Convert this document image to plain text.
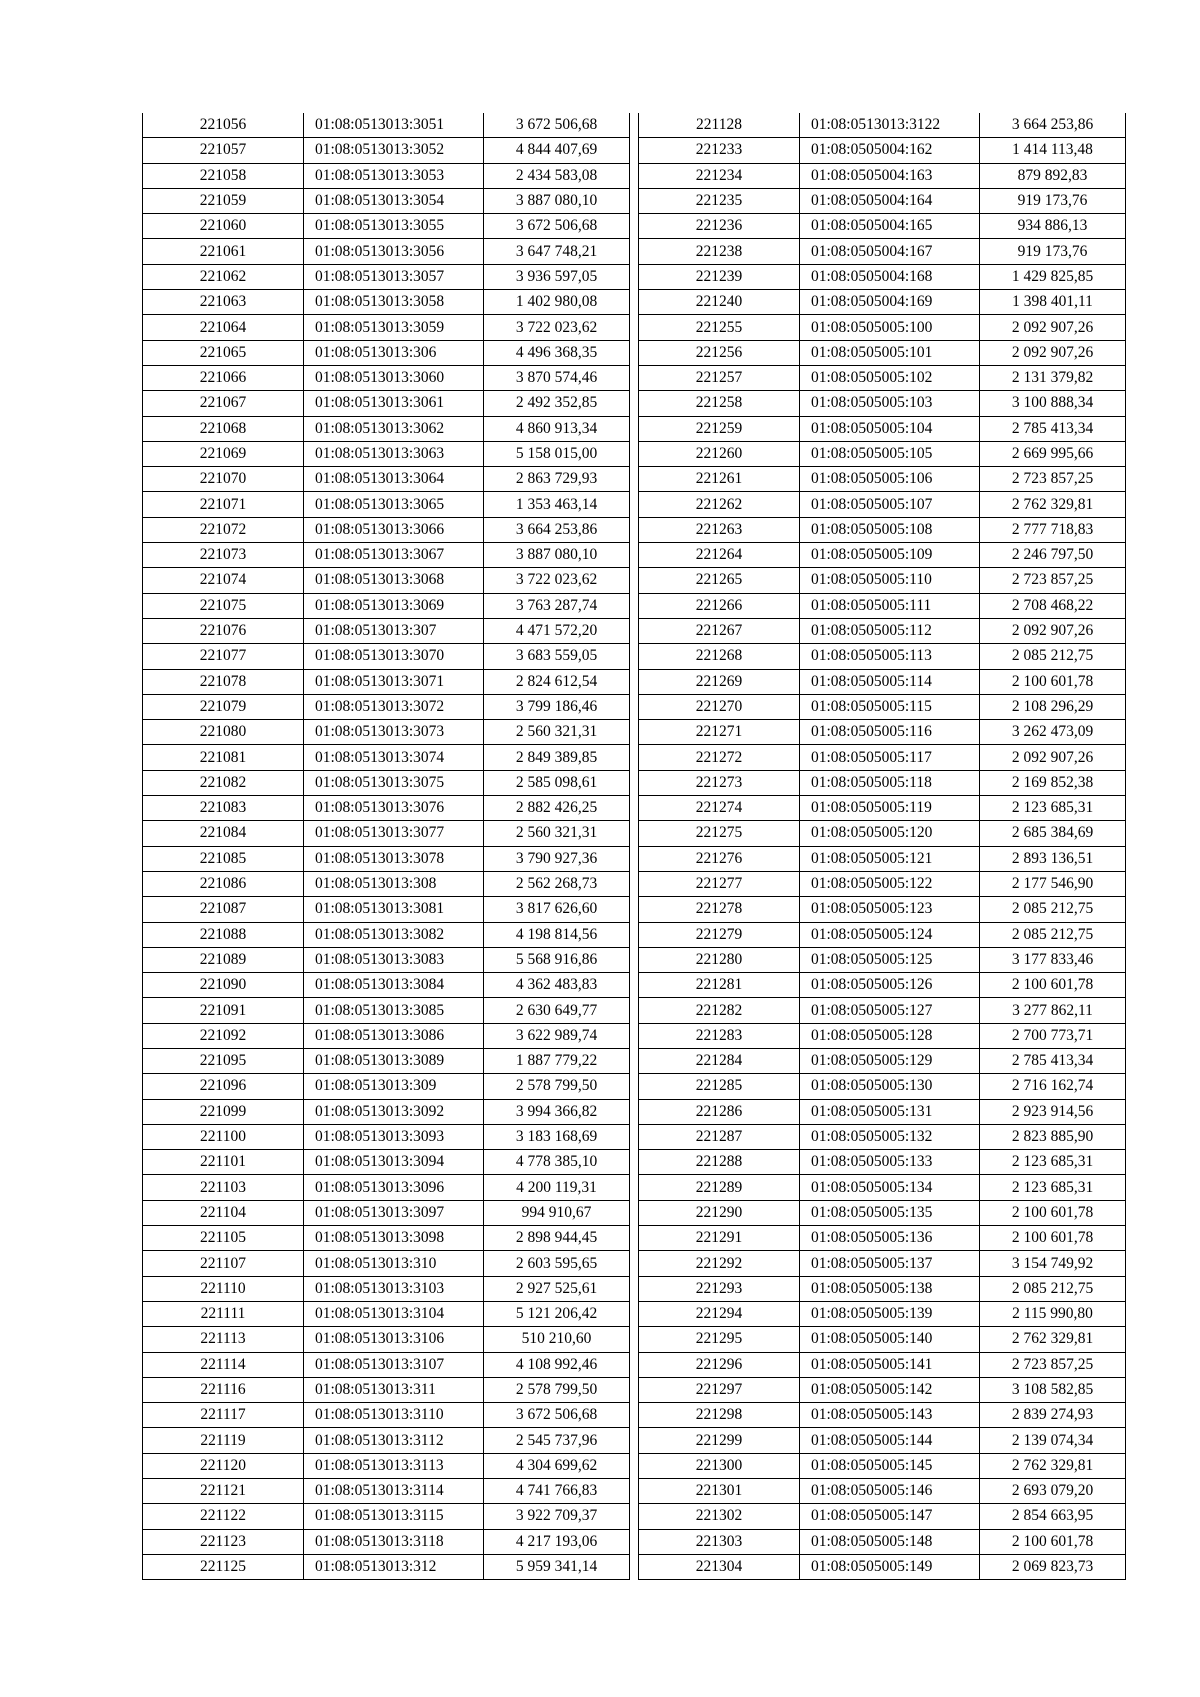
221056	01:08:0513013:3051	3 672 506,68
221057	01:08:0513013:3052	4 844 407,69
221058	01:08:0513013:3053	2 434 583,08
221059	01:08:0513013:3054	3 887 080,10
221060	01:08:0513013:3055	3 672 506,68
221061	01:08:0513013:3056	3 647 748,21
221062	01:08:0513013:3057	3 936 597,05
221063	01:08:0513013:3058	1 402 980,08
221064	01:08:0513013:3059	3 722 023,62
221065	01:08:0513013:306	4 496 368,35
221066	01:08:0513013:3060	3 870 574,46
221067	01:08:0513013:3061	2 492 352,85
221068	01:08:0513013:3062	4 860 913,34
221069	01:08:0513013:3063	5 158 015,00
221070	01:08:0513013:3064	2 863 729,93
221071	01:08:0513013:3065	1 353 463,14
221072	01:08:0513013:3066	3 664 253,86
221073	01:08:0513013:3067	3 887 080,10
221074	01:08:0513013:3068	3 722 023,62
221075	01:08:0513013:3069	3 763 287,74
221076	01:08:0513013:307	4 471 572,20
221077	01:08:0513013:3070	3 683 559,05
221078	01:08:0513013:3071	2 824 612,54
221079	01:08:0513013:3072	3 799 186,46
221080	01:08:0513013:3073	2 560 321,31
221081	01:08:0513013:3074	2 849 389,85
221082	01:08:0513013:3075	2 585 098,61
221083	01:08:0513013:3076	2 882 426,25
221084	01:08:0513013:3077	2 560 321,31
221085	01:08:0513013:3078	3 790 927,36
221086	01:08:0513013:308	2 562 268,73
221087	01:08:0513013:3081	3 817 626,60
221088	01:08:0513013:3082	4 198 814,56
221089	01:08:0513013:3083	5 568 916,86
221090	01:08:0513013:3084	4 362 483,83
221091	01:08:0513013:3085	2 630 649,77
221092	01:08:0513013:3086	3 622 989,74
221095	01:08:0513013:3089	1 887 779,22
221096	01:08:0513013:309	2 578 799,50
221099	01:08:0513013:3092	3 994 366,82
221100	01:08:0513013:3093	3 183 168,69
221101	01:08:0513013:3094	4 778 385,10
221103	01:08:0513013:3096	4 200 119,31
221104	01:08:0513013:3097	994 910,67
221105	01:08:0513013:3098	2 898 944,45
221107	01:08:0513013:310	2 603 595,65
221110	01:08:0513013:3103	2 927 525,61
221111	01:08:0513013:3104	5 121 206,42
221113	01:08:0513013:3106	510 210,60
221114	01:08:0513013:3107	4 108 992,46
221116	01:08:0513013:311	2 578 799,50
221117	01:08:0513013:3110	3 672 506,68
221119	01:08:0513013:3112	2 545 737,96
221120	01:08:0513013:3113	4 304 699,62
221121	01:08:0513013:3114	4 741 766,83
221122	01:08:0513013:3115	3 922 709,37
221123	01:08:0513013:3118	4 217 193,06
221125	01:08:0513013:312	5 959 341,14
221128	01:08:0513013:3122	3 664 253,86
221233	01:08:0505004:162	1 414 113,48
221234	01:08:0505004:163	879 892,83
221235	01:08:0505004:164	919 173,76
221236	01:08:0505004:165	934 886,13
221238	01:08:0505004:167	919 173,76
221239	01:08:0505004:168	1 429 825,85
221240	01:08:0505004:169	1 398 401,11
221255	01:08:0505005:100	2 092 907,26
221256	01:08:0505005:101	2 092 907,26
221257	01:08:0505005:102	2 131 379,82
221258	01:08:0505005:103	3 100 888,34
221259	01:08:0505005:104	2 785 413,34
221260	01:08:0505005:105	2 669 995,66
221261	01:08:0505005:106	2 723 857,25
221262	01:08:0505005:107	2 762 329,81
221263	01:08:0505005:108	2 777 718,83
221264	01:08:0505005:109	2 246 797,50
221265	01:08:0505005:110	2 723 857,25
221266	01:08:0505005:111	2 708 468,22
221267	01:08:0505005:112	2 092 907,26
221268	01:08:0505005:113	2 085 212,75
221269	01:08:0505005:114	2 100 601,78
221270	01:08:0505005:115	2 108 296,29
221271	01:08:0505005:116	3 262 473,09
221272	01:08:0505005:117	2 092 907,26
221273	01:08:0505005:118	2 169 852,38
221274	01:08:0505005:119	2 123 685,31
221275	01:08:0505005:120	2 685 384,69
221276	01:08:0505005:121	2 893 136,51
221277	01:08:0505005:122	2 177 546,90
221278	01:08:0505005:123	2 085 212,75
221279	01:08:0505005:124	2 085 212,75
221280	01:08:0505005:125	3 177 833,46
221281	01:08:0505005:126	2 100 601,78
221282	01:08:0505005:127	3 277 862,11
221283	01:08:0505005:128	2 700 773,71
221284	01:08:0505005:129	2 785 413,34
221285	01:08:0505005:130	2 716 162,74
221286	01:08:0505005:131	2 923 914,56
221287	01:08:0505005:132	2 823 885,90
221288	01:08:0505005:133	2 123 685,31
221289	01:08:0505005:134	2 123 685,31
221290	01:08:0505005:135	2 100 601,78
221291	01:08:0505005:136	2 100 601,78
221292	01:08:0505005:137	3 154 749,92
221293	01:08:0505005:138	2 085 212,75
221294	01:08:0505005:139	2 115 990,80
221295	01:08:0505005:140	2 762 329,81
221296	01:08:0505005:141	2 723 857,25
221297	01:08:0505005:142	3 108 582,85
221298	01:08:0505005:143	2 839 274,93
221299	01:08:0505005:144	2 139 074,34
221300	01:08:0505005:145	2 762 329,81
221301	01:08:0505005:146	2 693 079,20
221302	01:08:0505005:147	2 854 663,95
221303	01:08:0505005:148	2 100 601,78
221304	01:08:0505005:149	2 069 823,73
